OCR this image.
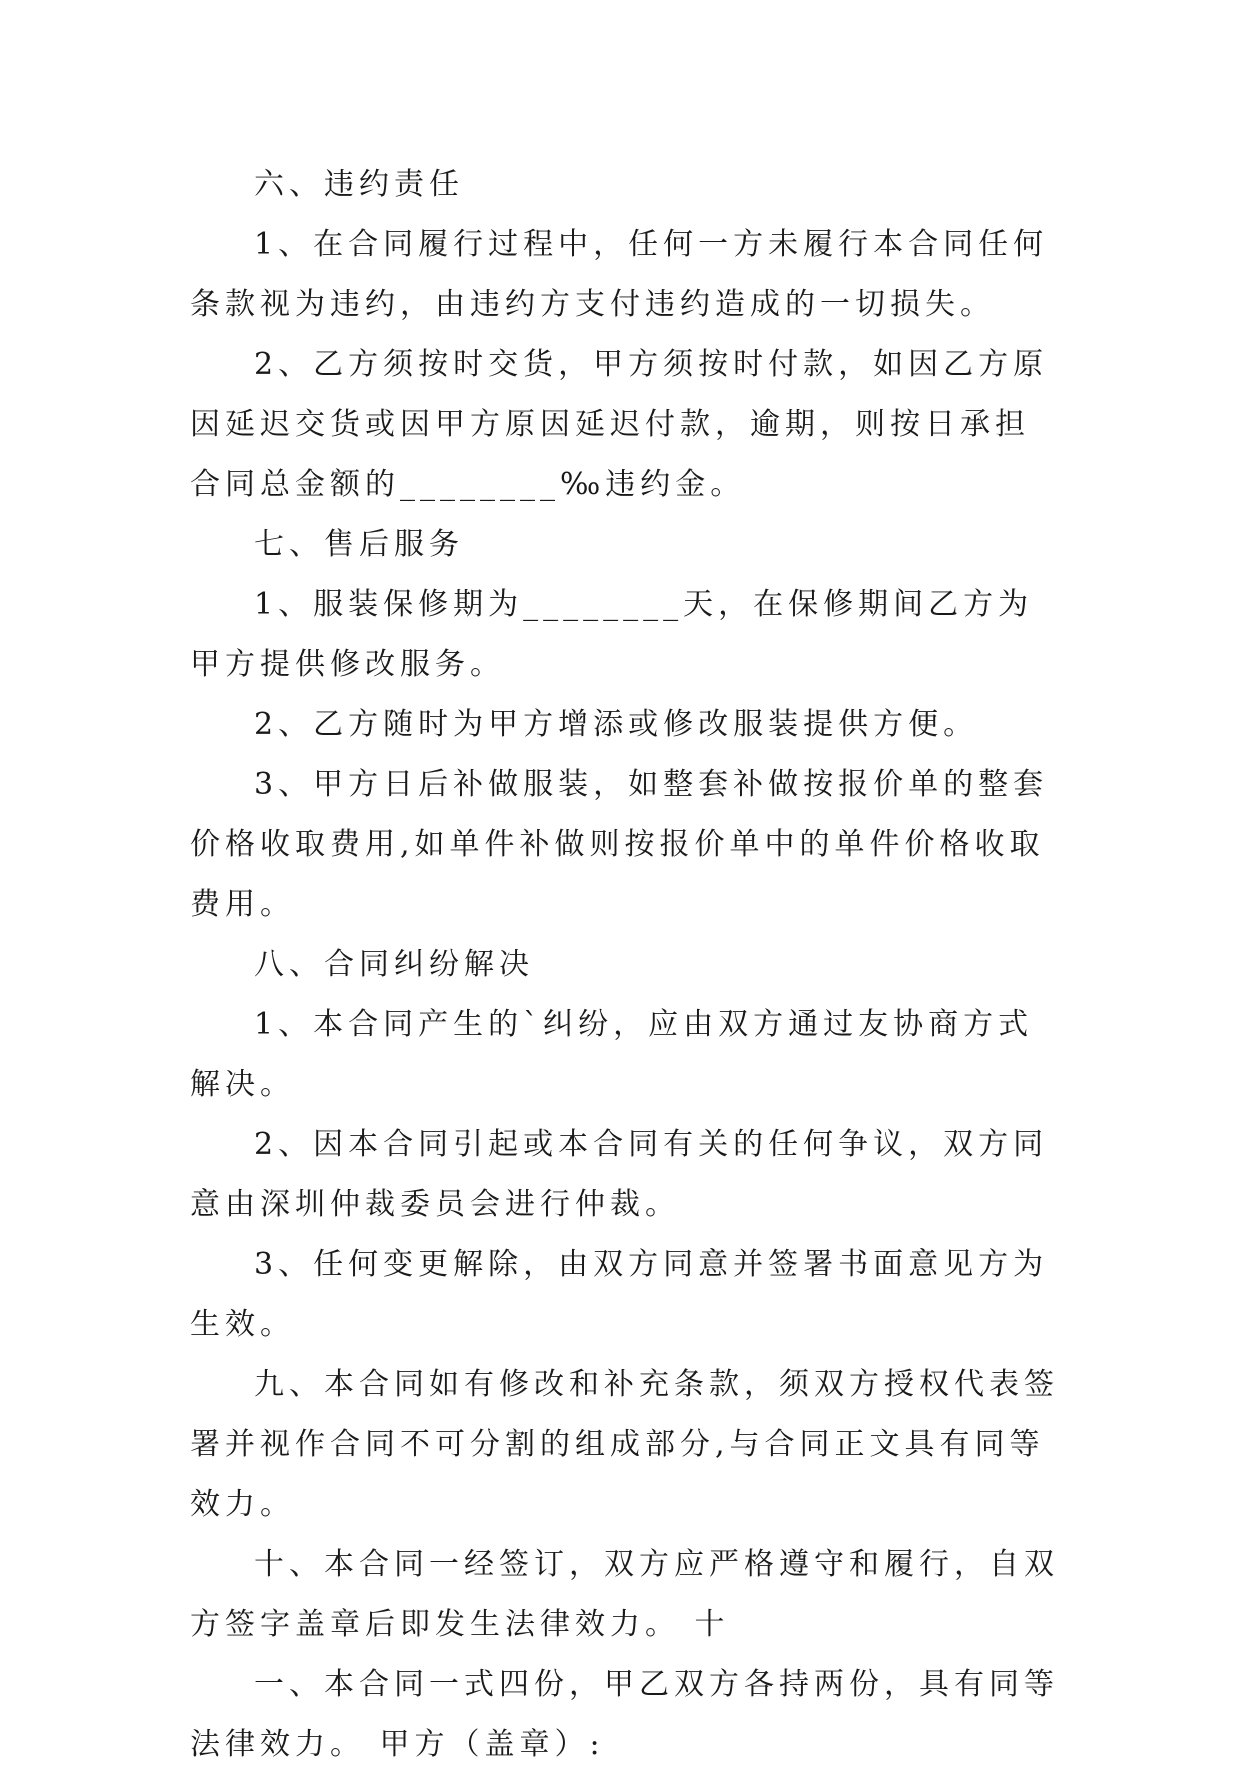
六、违约责任

1、在合同履行过程中，任何一方未履行本合同任何条款视为违约，由违约方支付违约造成的一切损失。

2、乙方须按时交货，甲方须按时付款，如因乙方原因延迟交货或因甲方原因延迟付款，逾期，则按日承担合同总金额的________‰违约金。

七、售后服务

1、服装保修期为________天，在保修期间乙方为甲方提供修改服务。

2、乙方随时为甲方增添或修改服装提供方便。

3、甲方日后补做服装，如整套补做按报价单的整套价格收取费用,如单件补做则按报价单中的单件价格收取费用。

八、合同纠纷解决

1、本合同产生的`纠纷，应由双方通过友协商方式解决。

2、因本合同引起或本合同有关的任何争议，双方同意由深圳仲裁委员会进行仲裁。

3、任何变更解除，由双方同意并签署书面意见方为生效。

九、本合同如有修改和补充条款，须双方授权代表签署并视作合同不可分割的组成部分,与合同正文具有同等效力。

十、本合同一经签订，双方应严格遵守和履行，自双方签字盖章后即发生法律效力。 十

一、本合同一式四份，甲乙双方各持两份，具有同等法律效力。 甲方（盖章）:
